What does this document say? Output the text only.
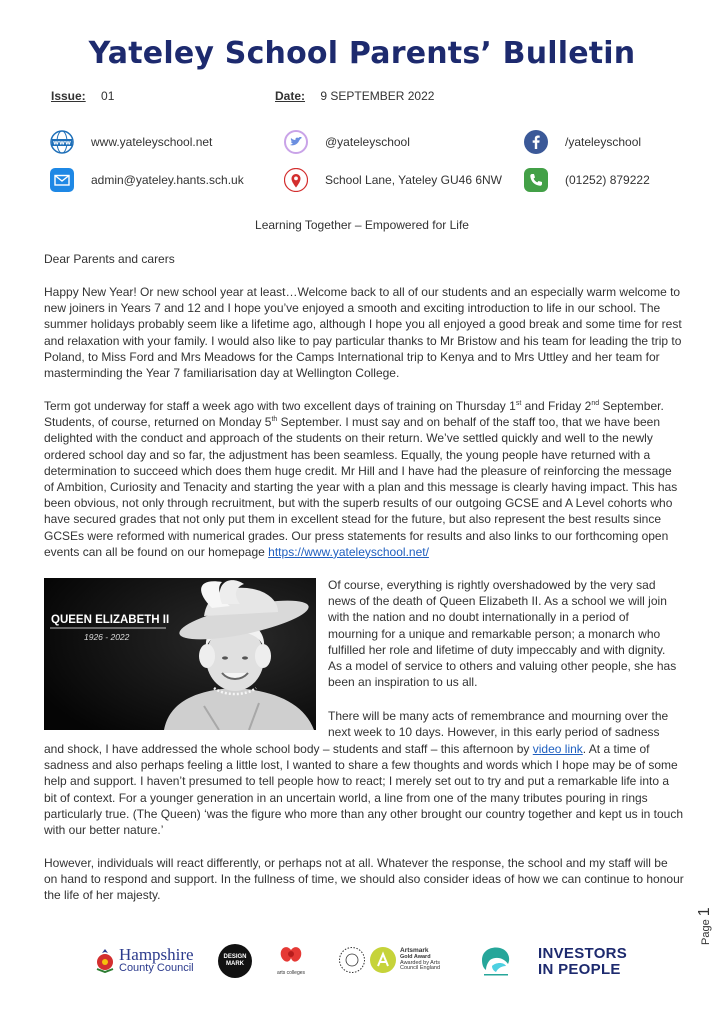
Yateley School Parents’ Bulletin
Issue: 01	Date: 9 SEPTEMBER 2022
www www.yateleyschool.net	@yateleyschool	/yateleyschool
admin@yateley.hants.sch.uk	School Lane, Yateley GU46 6NW	(01252) 879222
Learning Together – Empowered for Life

Dear Parents and carers

Happy New Year! Or new school year at least…Welcome back to all of our students and an especially warm welcome to new joiners in Years 7 and 12 and I hope you’ve enjoyed a smooth and exciting introduction to life in our school. The summer holidays probably seem like a lifetime ago, although I hope you all enjoyed a good break and some time for rest and relaxation with your family. I would also like to pay particular thanks to Mr Bristow and his team for leading the trip to Poland, to Miss Ford and Mrs Meadows for the Camps International trip to Kenya and to Mrs Uttley and her team for masterminding the Year 7 familiarisation day at Wellington College.

Term got underway for staff a week ago with two excellent days of training on Thursday 1st and Friday 2nd September. Students, of course, returned on Monday 5th September. I must say and on behalf of the staff too, that we have been delighted with the conduct and approach of the students on their return. We’ve settled quickly and well to the newly ordered school day and so far, the adjustment has been seamless. Equally, the young people have returned with a determination to succeed which does them huge credit. Mr Hill and I have had the pleasure of reinforcing the message of Ambition, Curiosity and Tenacity and starting the year with a plan and this message is clearly having impact. This has been obvious, not only through recruitment, but with the superb results of our outgoing GCSE and A Level cohorts who have secured grades that not only put them in excellent stead for the future, but also represent the best results since GCSEs were reformed with numerical grades. Our press statements for results and also links to our forthcoming open events can all be found on our homepage https://www.yateleyschool.net/

QUEEN ELIZABETH II
1926 - 2022

Of course, everything is rightly overshadowed by the very sad news of the death of Queen Elizabeth II. As a school we will join with the nation and no doubt internationally in a period of mourning for a unique and remarkable person; a monarch who fulfilled her role and lifetime of duty impeccably and with dignity. As a model of service to others and valuing other people, she has been an inspiration to us all.

There will be many acts of remembrance and mourning over the next week to 10 days. However, in this early period of sadness

and shock, I have addressed the whole school body – students and staff – this afternoon by video link. At a time of sadness and also perhaps feeling a little lost, I wanted to share a few thoughts and words which I hope may be of some help and support. I haven’t presumed to tell people how to react; I merely set out to try and put a remarkable life into a bit of context. For a younger generation in an uncertain world, a line from one of the many tributes pouring in rings particularly true. (The Queen) ‘was the figure who more than any other brought our country together and kept us in touch with our better nature.’

However, individuals will react differently, or perhaps not at all. Whatever the response, the school and my staff will be on hand to respond and support. In the fullness of time, we should also consider ideas of how we can continue to honour the life of her majesty.

Page 1
Hampshire
County Council
DESIGN MARK
arts colleges
Artsmark
Gold Award
Awarded by Arts
Council England
INVESTORS
IN PEOPLE
